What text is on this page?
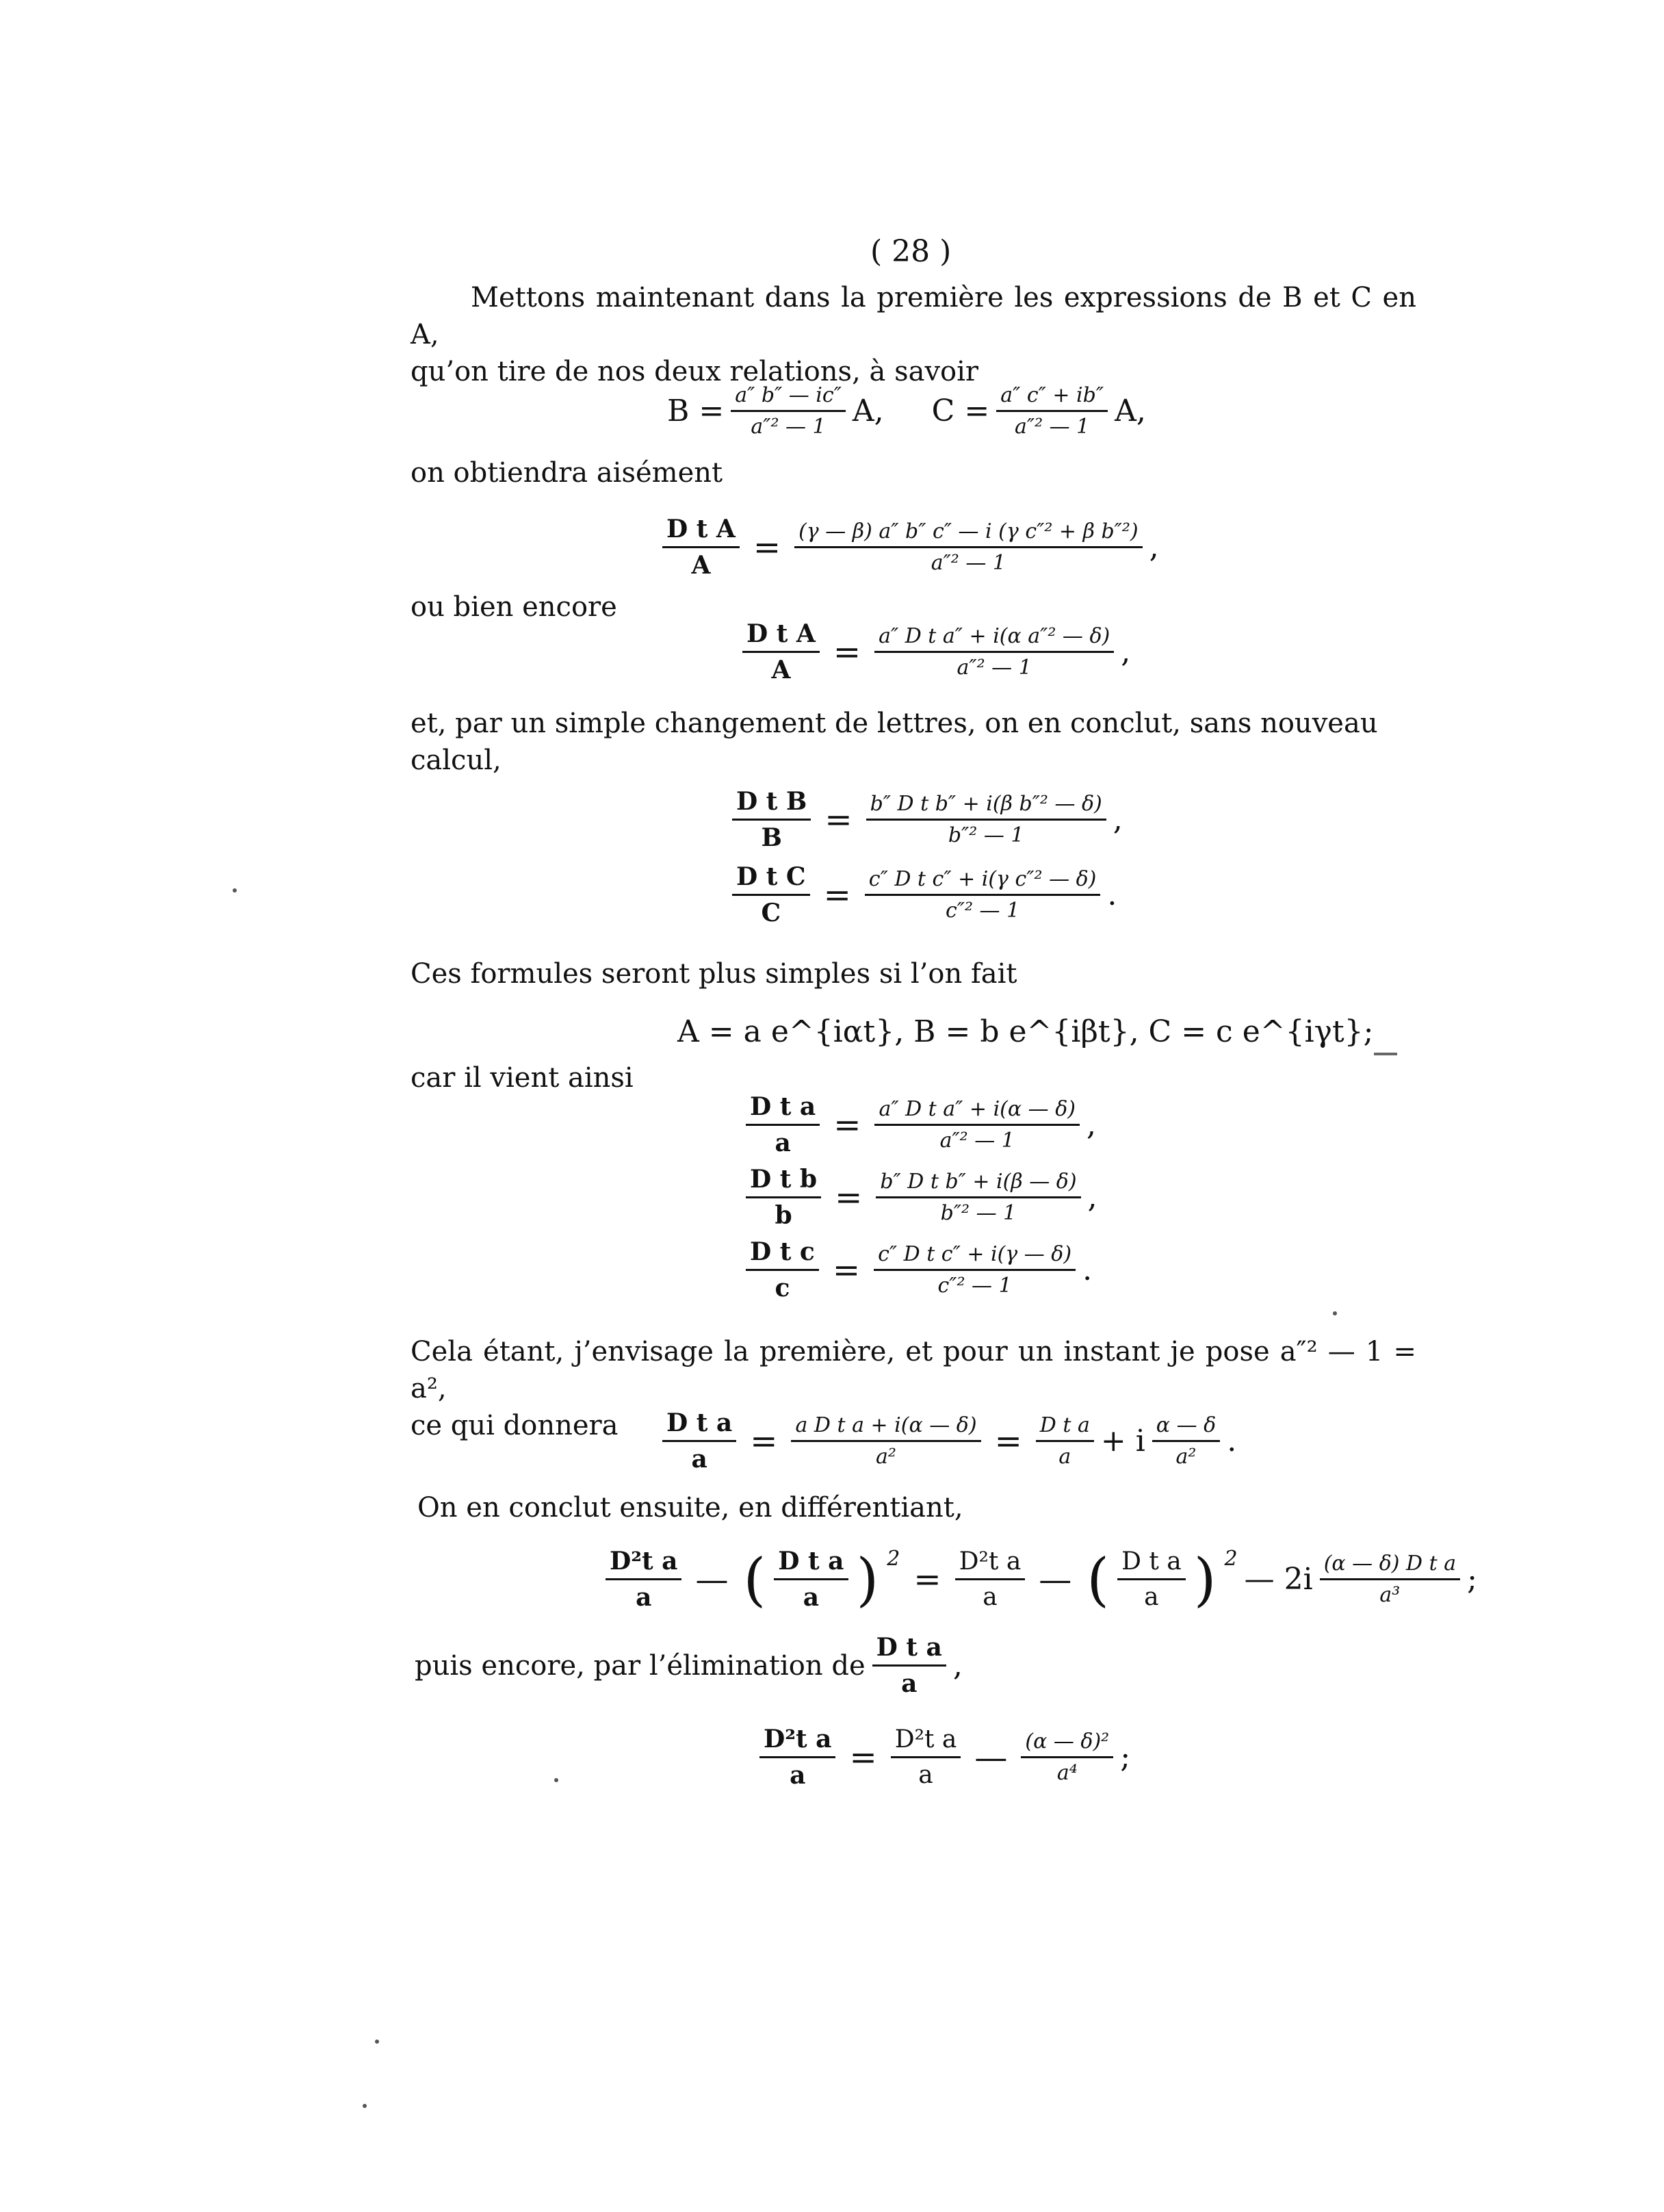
( 28 )
Mettons maintenant dans la première les expressions de B et C en A,
qu’on tire de nos deux relations, à savoir
$B = \frac{a'' b'' — ic''}{\text{a″² — 1}} A$, $C = \frac{a'' c'' + ib''}{\text{a″² — 1}} A$,
on obtiendra aisément
$\frac{\text{D t A}}{A} = \frac{\text{(γ — β) a″ b″ c″ — i (γ c″² + β b″²)}}{\text{a″² — 1}}$ ,
ou bien encore
$\frac{\text{D t A}}{A} = \frac{\text{a″ D t a″ + i(α a″² — δ)}}{\text{a″² — 1}}$ ,
et, par un simple changement de lettres, on en conclut, sans nouveau
calcul,
$\frac{\text{D t B}}{B} = \frac{\text{b″ D t b″ + i(β b″² — δ)}}{\text{b″² — 1}}$ ,
$\frac{\text{D t C}}{C} = \frac{\text{c″ D t c″ + i(γ c″² — δ)}}{\text{c″² — 1}}$ .
Ces formules seront plus simples si l’on fait
A = a e^{iαt}, B = b e^{iβt}, C = c e^{iγt};
car il vient ainsi
$\frac{\text{D t a}}{a} = \frac{\text{a″ D t a″ + i(α — δ)}}{\text{a″² — 1}}$ ,
$\frac{\text{D t b}}{b} = \frac{\text{b″ D t b″ + i(β — δ)}}{\text{b″² — 1}}$ ,
$\frac{\text{D t c}}{c} = \frac{\text{c″ D t c″ + i(γ — δ)}}{\text{c″² — 1}}$ .
Cela étant, j’envisage la première, et pour un instant je pose a″² — 1 = a²,
ce qui donnera	$\frac{\text{D t a}}{a} = \frac{\text{a D t a + i(α — δ)}}{\text{a²}} = \frac{\text{D t a}}{a} + i \frac{\alpha — \delta}{\text{a²}}$ .
On en conclut ensuite, en différentiant,
$\frac{\text{D²t a}}{a}$ — ( $\frac{\text{D t a}}{a}$ ) 2
= $\frac{\text{D²t a}}{a}$ — ( $\frac{\text{D t a}}{a}$ ) 2
— $2i \frac{\text{(α — δ) D t a}}{\text{a³}}$ ;
puis encore, par l’élimination de $\frac{\text{D t a}}{a}$ ,
$\frac{\text{D²t a}}{a} = \frac{\text{D²t a}}{a}$ — $\frac{\text{(α — δ)²}}{\text{a⁴}}$ ;
